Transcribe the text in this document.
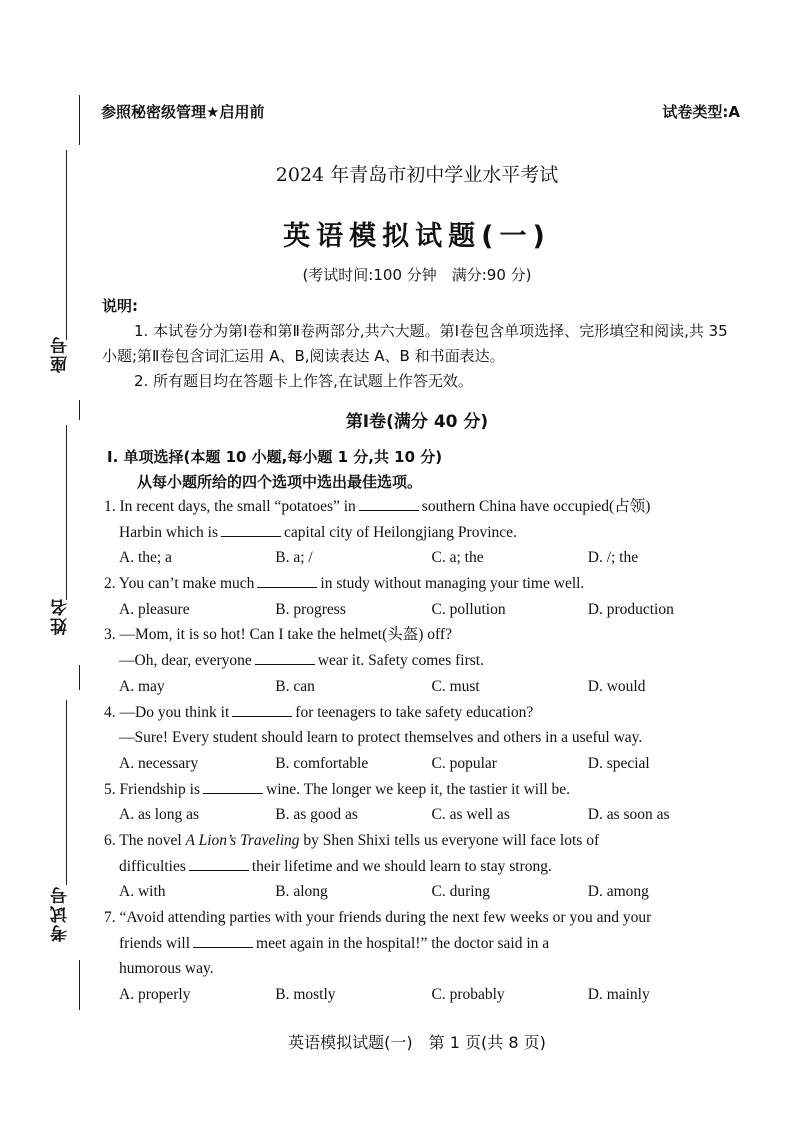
座号
姓名
考试号
参照秘密级管理★启用前	试卷类型:A
2024 年青岛市初中学业水平考试
英语模拟试题(一)
(考试时间:100 分钟　满分:90 分)
说明:
1. 本试卷分为第Ⅰ卷和第Ⅱ卷两部分,共六大题。第Ⅰ卷包含单项选择、完形填空和阅读,共 35 小题;第Ⅱ卷包含词汇运用 A、B,阅读表达 A、B 和书面表达。
2. 所有题目均在答题卡上作答,在试题上作答无效。
第Ⅰ卷(满分 40 分)
Ⅰ. 单项选择(本题 10 小题,每小题 1 分,共 10 分)
从每小题所给的四个选项中选出最佳选项。
1. In recent days, the small “potatoes” in	southern China have occupied(占领)
Harbin which is	capital city of Heilongjiang Province.
A. the; a	B. a; /	C. a; the	D. /; the
2. You can’t make much	in study without managing your time well.
A. pleasure	B. progress	C. pollution	D. production
3. —Mom, it is so hot! Can I take the helmet(头盔) off?
—Oh, dear, everyone	wear it. Safety comes first.
A. may	B. can	C. must	D. would
4. —Do you think it	for teenagers to take safety education?
—Sure! Every student should learn to protect themselves and others in a useful way.
A. necessary	B. comfortable	C. popular	D. special
5. Friendship is	wine. The longer we keep it, the tastier it will be.
A. as long as	B. as good as	C. as well as	D. as soon as
6. The novel A Lion’s Traveling by Shen Shixi tells us everyone will face lots of
difficulties	their lifetime and we should learn to stay strong.
A. with	B. along	C. during	D. among
7. “Avoid attending parties with your friends during the next few weeks or you and your
friends will	meet again in the hospital!” the doctor said in a
humorous way.
A. properly	B. mostly	C. probably	D. mainly
英语模拟试题(一)　第 1 页(共 8 页)
